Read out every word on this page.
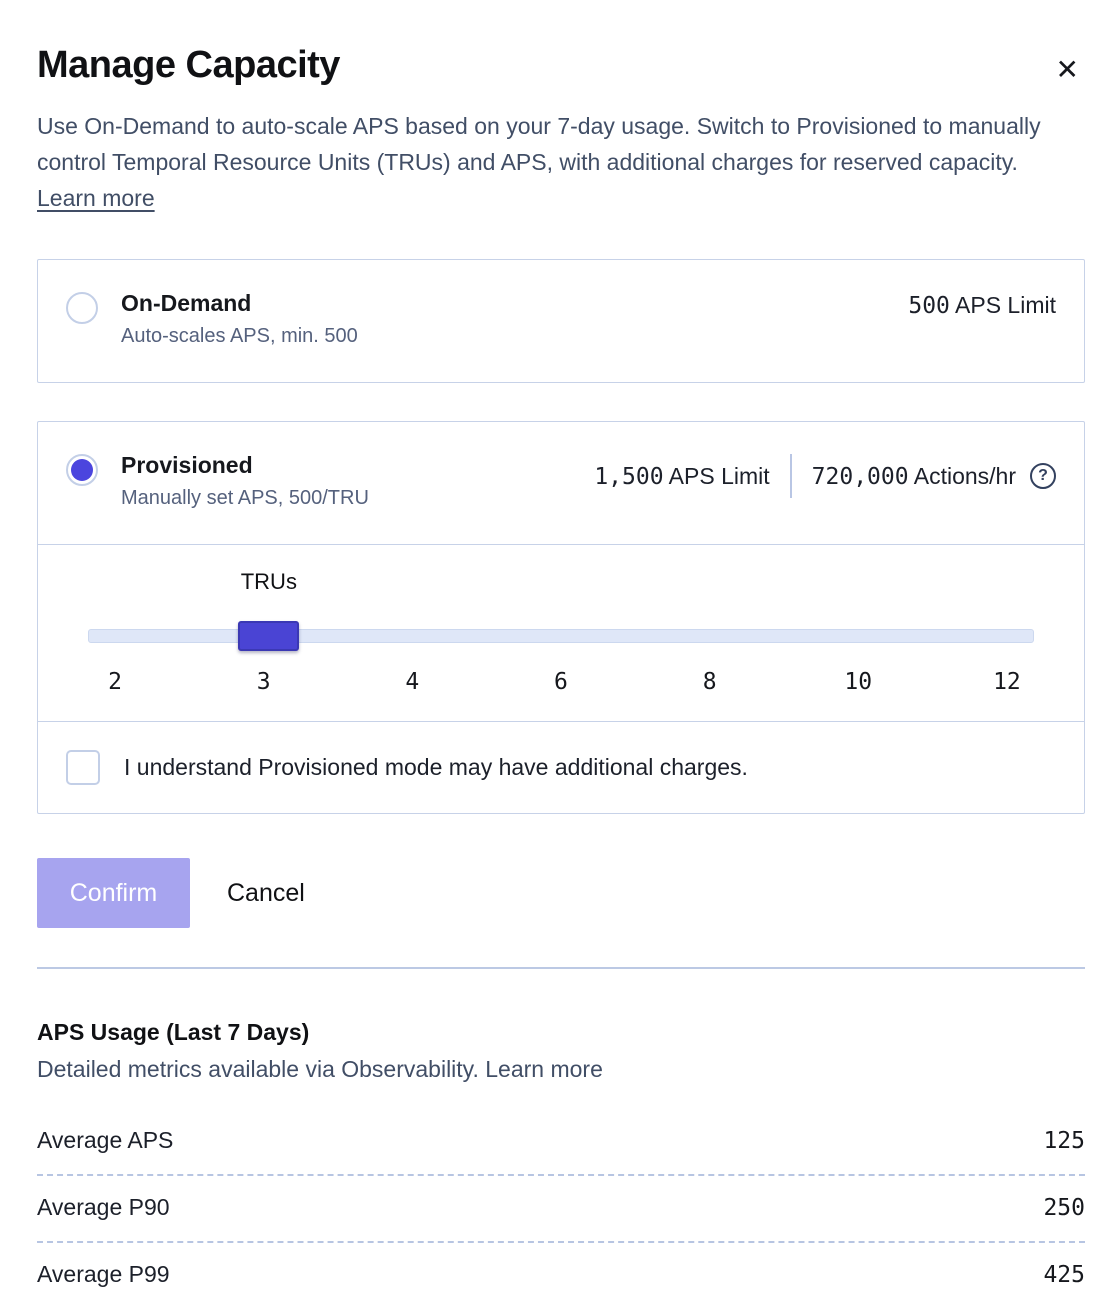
Manage Capacity	✕

Use On-Demand to auto-scale APS based on your 7-day usage. Switch to Provisioned to manually control Temporal Resource Units (TRUs) and APS, with additional charges for reserved capacity. Learn more

On-Demand
Auto-scales APS, min. 500
500 APS Limit
Provisioned
Manually set APS, 500/TRU
1,500 APS Limit 720,000 Actions/hr	?
TRUs
2	3	4	6	8	10	12
I understand Provisioned mode may have additional charges.
Confirm	Cancel
APS Usage (Last 7 Days)
Detailed metrics available via Observability. Learn more
Average APS	125
Average P90	250
Average P99	425
